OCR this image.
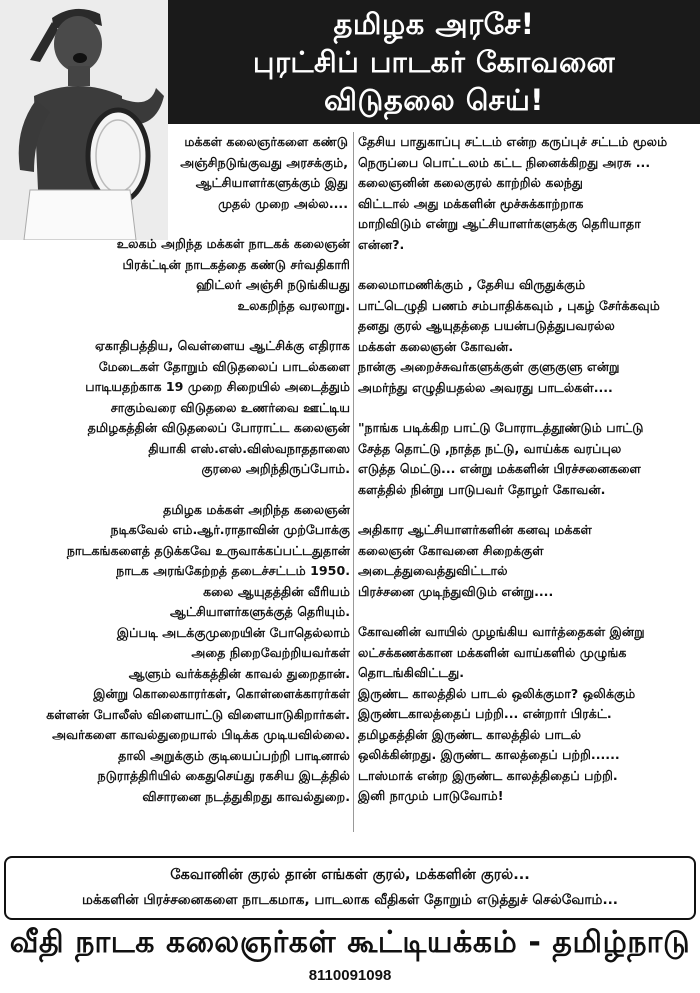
தமிழக அரசே!
புரட்சிப் பாடகர் கோவனை
விடுதலை செய்!
மக்கள் கலைஞர்களை கண்டு
அஞ்சிநடுங்குவது அரசக்கும்,
ஆட்சியாளர்களுக்கும் இது
முதல் முறை அல்ல....
உலகம் அறிந்த மக்கள் நாடகக் கலைஞன்
பிரக்ட்டின் நாடகத்தை கண்டு சர்வதிகாரி
ஹிட்லர் அஞ்சி நடுங்கியது
உலகறிந்த வரலாறு.
ஏகாதிபத்திய, வெள்ளைய ஆட்சிக்கு எதிராக
மேடைகள் தோறும் விடுதலைப் பாடல்களை
பாடியதற்காக 19 முறை சிறையில் அடைத்தும்
சாகும்வரை விடுதலை உணர்வை ஊட்டிய
தமிழகத்தின் விடுதலைப் போராட்ட கலைஞன்
தியாகி எஸ்.எஸ்.விஸ்வநாததாஸை
குரலை அறிந்திருப்போம்.
தமிழக மக்கள் அறிந்த கலைஞன்
நடிகவேல் எம்.ஆர்.ராதாவின் முற்போக்கு
நாடகங்களைத் தடுக்கவே உருவாக்கப்பட்டதுதான்
நாடக அரங்கேற்றத் தடைச்சட்டம் 1950.
கலை ஆயுதத்தின் வீரியம்
ஆட்சியாளர்களுக்குத் தெரியும்.
இப்படி அடக்குமுறையின் போதெல்லாம்
அதை நிறைவேற்றியவர்கள்
ஆளும் வர்க்கத்தின் காவல் துறைதான்.
இன்று கொலைகாரர்கள், கொள்ளைக்காரர்கள்
கள்ளன் போலீஸ் விளையாட்டு விளையாடுகிறார்கள்.
அவர்களை காவல்துறையால் பிடிக்க முடியவில்லை.
தாலி அறுக்கும் குடியைப்பற்றி பாடினால்
நடுராத்திரியில் கைதுசெய்து ரகசிய இடத்தில்
விசாரனை நடத்துகிறது காவல்துறை.
தேசிய பாதுகாப்பு சட்டம் என்ற கருப்புச் சட்டம் மூலம்
நெருப்பை பொட்டலம் கட்ட நினைக்கிறது அரசு ...
கலைஞனின் கலைகுரல் காற்றில் கலந்து
விட்டால் அது மக்களின் மூச்சுக்காற்றாக
மாறிவிடும் என்று ஆட்சியாளர்களுக்கு தெரியாதா
என்ன?.
கலைமாமணிக்கும் , தேசிய விருதுக்கும்
பாட்டெழுதி பணம் சம்பாதிக்கவும் , புகழ் சேர்க்கவும்
தனது குரல் ஆயுதத்தை பயன்படுத்துபவரல்ல
மக்கள் கலைஞன் கோவன்.
நான்கு அறைச்சுவர்களுக்குள் குளுகுளு என்று
அமர்ந்து எழுதியதல்ல அவரது பாடல்கள்....
"நாங்க படிக்கிற பாட்டு போராடத்தூண்டும் பாட்டு
சேத்த தொட்டு ,நாத்த நட்டு, வாய்க்க வரப்புல
எடுத்த மெட்டு... என்று மக்களின் பிரச்சனைகளை
களத்தில் நின்று பாடுபவர் தோழர் கோவன்.
அதிகார ஆட்சியாளர்களின் கனவு மக்கள்
கலைஞன் கோவனை சிறைக்குள்
அடைத்துவைத்துவிட்டால்
பிரச்சனை முடிந்துவிடும் என்று....
கோவனின் வாயில் முழங்கிய வார்த்தைகள் இன்று
லட்சக்கணக்கான மக்களின் வாய்களில் முழுங்க
தொடங்கிவிட்டது.
இருண்ட காலத்தில் பாடல் ஒலிக்குமா? ஒலிக்கும்
இருண்டகாலத்தைப் பற்றி... என்றார் பிரக்ட்.
தமிழகத்தின் இருண்ட காலத்தில் பாடல்
ஒலிக்கின்றது. இருண்ட காலத்தைப் பற்றி......
டாஸ்மாக் என்ற இருண்ட காலத்திதைப் பற்றி.
இனி நாமும் பாடுவோம்!
கேவானின் குரல் தான் எங்கள் குரல், மக்களின் குரல்...
மக்களின் பிரச்சனைகளை நாடகமாக, பாடலாக வீதிகள் தோறும் எடுத்துச் செல்வோம்...
வீதி நாடக கலைஞர்கள் கூட்டியக்கம் - தமிழ்நாடு
8110091098
